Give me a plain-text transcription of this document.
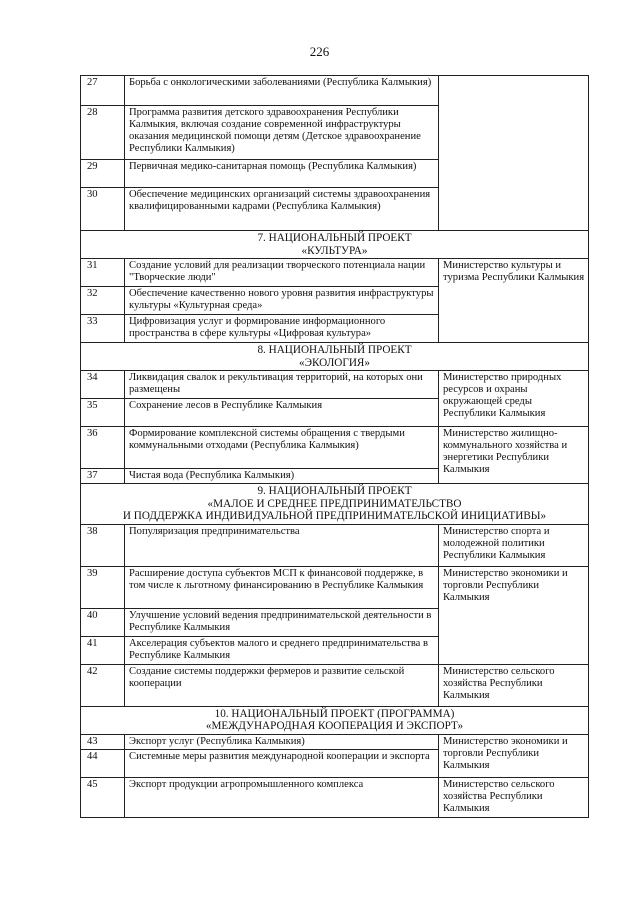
226
27	Борьба с онкологическими заболеваниями (Республика Калмыкия)	
28	Программа развития детского здравоохранения Республики Калмыкия, включая создание современной инфраструктуры оказания медицинской помощи детям (Детское здравоохранение Республики Калмыкия)	
29	Первичная медико-санитарная помощь (Республика Калмыкия)	
30	Обеспечение медицинских организаций системы здравоохранения квалифицированными кадрами (Республика Калмыкия)	

7. НАЦИОНАЛЬНЫЙ ПРОЕКТ
«КУЛЬТУРА»		

31	Создание условий для реализации творческого потенциала нации "Творческие люди"	Министерство культуры и туризма Республики Калмыкия
32	Обеспечение качественно нового уровня развития инфраструктуры культуры «Культурная среда»	
33	Цифровизация услуг и формирование информационного пространства в сфере культуры «Цифровая культура»	

8. НАЦИОНАЛЬНЫЙ ПРОЕКТ
«ЭКОЛОГИЯ»		

34	Ликвидация свалок и рекультивация территорий, на которых они размещены	Министерство природных ресурсов и охраны окружающей среды Республики Калмыкия
35	Сохранение лесов в Республике Калмыкия	
36	Формирование комплексной системы обращения с твердыми коммунальными отходами (Республика Калмыкия)	Министерство жилищно-коммунального хозяйства и энергетики Республики Калмыкия
37	Чистая вода (Республика Калмыкия)	

9. НАЦИОНАЛЬНЫЙ ПРОЕКТ
«МАЛОЕ И СРЕДНЕЕ ПРЕДПРИНИМАТЕЛЬСТВО
И ПОДДЕРЖКА ИНДИВИДУАЛЬНОЙ ПРЕДПРИНИМАТЕЛЬСКОЙ ИНИЦИАТИВЫ»		

38	Популяризация предпринимательства	Министерство спорта и молодежной политики Республики Калмыкия
39	Расширение доступа субъектов МСП к финансовой поддержке, в том числе к льготному финансированию в Республике Калмыкия	Министерство экономики и торговли Республики Калмыкия
40	Улучшение условий ведения предпринимательской деятельности в Республике Калмыкия	
41	Акселерация субъектов малого и среднего предпринимательства в Республике Калмыкия	
42	Создание системы поддержки фермеров и развитие сельской кооперации	Министерство сельского хозяйства Республики Калмыкия

10. НАЦИОНАЛЬНЫЙ ПРОЕКТ (ПРОГРАММА)
«МЕЖДУНАРОДНАЯ КООПЕРАЦИЯ И ЭКСПОРТ»		

43	Экспорт услуг (Республика Калмыкия)	Министерство экономики и торговли Республики Калмыкия
44	Системные меры развития международной кооперации и экспорта	
45	Экспорт продукции агропромышленного комплекса	Министерство сельского хозяйства Республики Калмыкия
